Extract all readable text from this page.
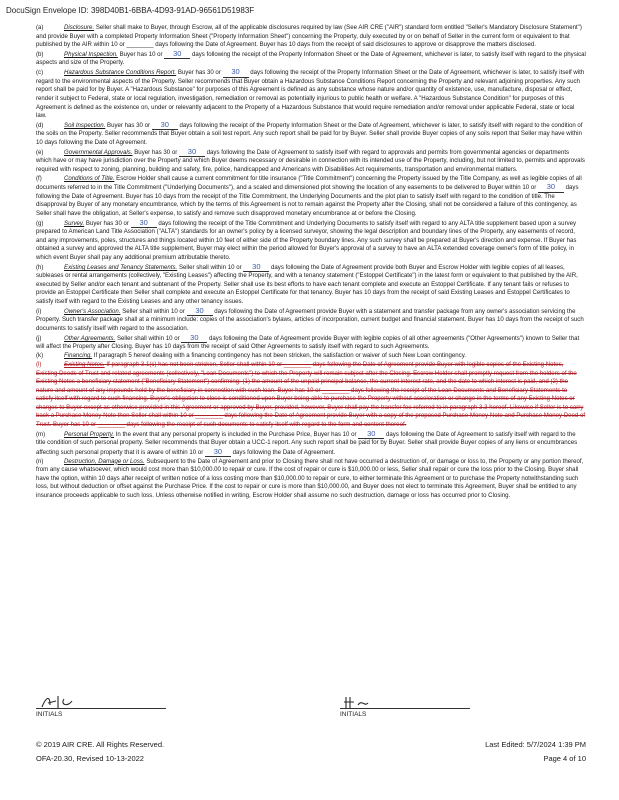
DocuSign Envelope ID: 398D40B1-6BBA-4D93-91AD-96561D51983F
(a)	Disclosure. Seller shall make to Buyer, through Escrow, all of the applicable disclosures required by law (See AIR CRE ("AIR") standard form entitled "Seller's Mandatory Disclosure Statement") and provide Buyer with a completed Property Information Sheet ("Property Information Sheet") concerning the Property, duly executed by or on behalf of Seller in the current form or equivalent to that published by the AIR within 10 or ________ days following the Date of Agreement. Buyer has 10 days from the receipt of said disclosures to approve or disapprove the matters disclosed.
(b)	Physical Inspection. Buyer has 10 or 30 days following the receipt of the Property Information Sheet or the Date of Agreement, whichever is later, to satisfy itself with regard to the physical aspects and size of the Property.
(c)	Hazardous Substance Conditions Report. Buyer has 30 or 30 days following the receipt of the Property Information Sheet or the Date of Agreement, whichever is later, to satisfy itself with regard to the environmental aspects of the Property. Seller recommends that Buyer obtain a Hazardous Substance Conditions Report concerning the Property and relevant adjoining properties. Any such report shall be paid for by Buyer. A "Hazardous Substance" for purposes of this Agreement is defined as any substance whose nature and/or quantity of existence, use, manufacture, disposal or effect, render it subject to Federal, state or local regulation, investigation, remediation or removal as potentially injurious to public health or welfare. A "Hazardous Substance Condition" for purposes of this Agreement is defined as the existence on, under or relevantly adjacent to the Property of a Hazardous Substance that would require remediation and/or removal under applicable Federal, state or local law.
(d)	Soil Inspection. Buyer has 30 or 30 days following the receipt of the Property Information Sheet or the Date of Agreement, whichever is later, to satisfy itself with regard to the condition of the soils on the Property. Seller recommends that Buyer obtain a soil test report. Any such report shall be paid for by Buyer. Seller shall provide Buyer copies of any soils report that Seller may have within 10 days following the Date of Agreement.
(e)	Governmental Approvals. Buyer has 30 or 30 days following the Date of Agreement to satisfy itself with regard to approvals and permits from governmental agencies or departments which have or may have jurisdiction over the Property and which Buyer deems necessary or desirable in connection with its intended use of the Property, including, but not limited to, permits and approvals required with respect to zoning, planning, building and safety, fire, police, handicapped and Americans with Disabilities Act requirements, transportation and environmental matters.
(f)	Conditions of Title. Escrow Holder shall cause a current commitment for title insurance ("Title Commitment") concerning the Property issued by the Title Company, as well as legible copies of all documents referred to in the Title Commitment ("Underlying Documents"), and a scaled and dimensioned plot showing the location of any easements to be delivered to Buyer within 10 or 30 days following the Date of Agreement. Buyer has 10 days from the receipt of the Title Commitment, the Underlying Documents and the plot plan to satisfy itself with regard to the condition of title. The disapproval by Buyer of any monetary encumbrance, which by the terms of this Agreement is not to remain against the Property after the Closing, shall not be considered a failure of this contingency, as Seller shall have the obligation, at Seller's expense, to satisfy and remove such disapproved monetary encumbrance at or before the Closing.
(g)	Survey. Buyer has 30 or 30 days following the receipt of the Title Commitment and Underlying Documents to satisfy itself with regard to any ALTA title supplement based upon a survey prepared to American Land Title Association ("ALTA") standards for an owner's policy by a licensed surveyor, showing the legal description and boundary lines of the Property, any easements of record, and any improvements, poles, structures and things located within 10 feet of either side of the Property boundary lines. Any such survey shall be prepared at Buyer's direction and expense. If Buyer has obtained a survey and approved the ALTA title supplement, Buyer may elect within the period allowed for Buyer's approval of a survey to have an ALTA extended coverage owner's form of title policy, in which event Buyer shall pay any additional premium attributable thereto.
(h)	Existing Leases and Tenancy Statements. Seller shall within 10 or 30 days following the Date of Agreement provide both Buyer and Escrow Holder with legible copies of all leases, subleases or rental arrangements (collectively, "Existing Leases") affecting the Property, and with a tenancy statement ("Estoppel Certificate") in the latest form or equivalent to that published by the AIR, executed by Seller and/or each tenant and subtenant of the Property. Seller shall use its best efforts to have each tenant complete and execute an Estoppel Certificate. If any tenant fails or refuses to provide an Estoppel Certificate then Seller shall complete and execute an Estoppel Certificate for that tenancy. Buyer has 10 days from the receipt of said Existing Leases and Estoppel Certificates to satisfy itself with regard to the Existing Leases and any other tenancy issues.
(i)	Owner's Association. Seller shall within 10 or 30 days following the Date of Agreement provide Buyer with a statement and transfer package from any owner's association servicing the Property. Such transfer package shall at a minimum include: copies of the association's bylaws, articles of incorporation, current budget and financial statement. Buyer has 10 days from the receipt of such documents to satisfy itself with regard to the association.
(j)	Other Agreements. Seller shall within 10 or 30 days following the Date of Agreement provide Buyer with legible copies of all other agreements ("Other Agreements") known to Seller that will affect the Property after Closing. Buyer has 10 days from the receipt of said Other Agreements to satisfy itself with regard to such Agreements.
(k)	Financing. If paragraph 5 hereof dealing with a financing contingency has not been stricken, the satisfaction or waiver of such New Loan contingency.
(l)	Existing Notes. If paragraph 3.1(c) has not been stricken, Seller shall within 10 or ________ days following the Date of Agreement provide Buyer with legible copies of the Existing Notes, Existing Deeds of Trust and related agreements (collectively, "Loan Documents") to which the Property will remain subject after the Closing. Escrow Holder shall promptly request from the holders of the Existing Notes a beneficiary statement ("Beneficiary Statement") confirming: (1) the amount of the unpaid principal balance, the current interest rate, and the date to which interest is paid, and (2) the nature and amount of any impounds held by the beneficiary in connection with such loan. Buyer has 10 or ________ days following the receipt of the Loan Documents and Beneficiary Statements to satisfy itself with regard to such financing. Buyer's obligation to close is conditioned upon Buyer being able to purchase the Property without acceleration or change in the terms of any Existing Notes or charges to Buyer except as otherwise provided in this Agreement or approved by Buyer, provided, however, Buyer shall pay the transfer fee referred to in paragraph 3.3 hereof. Likewise if Seller is to carry back a Purchase Money Note then Seller shall within 10 or ________ days following the Date of Agreement provide Buyer with a copy of the proposed Purchase Money Note and Purchase Money Deed of Trust. Buyer has 10 or ________ days following the receipt of such documents to satisfy itself with regard to the form and content thereof.
(m)	Personal Property. In the event that any personal property is included in the Purchase Price, Buyer has 10 or 30 days following the Date of Agreement to satisfy itself with regard to the title condition of such personal property. Seller recommends that Buyer obtain a UCC-1 report. Any such report shall be paid for by Buyer. Seller shall provide Buyer copies of any liens or encumbrances affecting such personal property that it is aware of within 10 or 30 days following the Date of Agreement.
(n)	Destruction, Damage or Loss. Subsequent to the Date of Agreement and prior to Closing there shall not have occurred a destruction of, or damage or loss to, the Property or any portion thereof, from any cause whatsoever, which would cost more than $10,000.00 to repair or cure. If the cost of repair or cure is $10,000.00 or less, Seller shall repair or cure the loss prior to the Closing. Buyer shall have the option, within 10 days after receipt of written notice of a loss costing more than $10,000.00 to repair or cure, to either terminate this Agreement or to purchase the Property notwithstanding such loss, but without deduction or offset against the Purchase Price. If the cost to repair or cure is more than $10,000.00, and Buyer does not elect to terminate this Agreement, Buyer shall be entitled to any insurance proceeds applicable to such loss. Unless otherwise notified in writing, Escrow Holder shall assume no such destruction, damage or loss has occurred prior to Closing.
INITIALS	INITIALS
© 2019 AIR CRE. All Rights Reserved.	Last Edited: 5/7/2024 1:39 PM
OFA-20.30, Revised 10-13-2022	Page 4 of 10
